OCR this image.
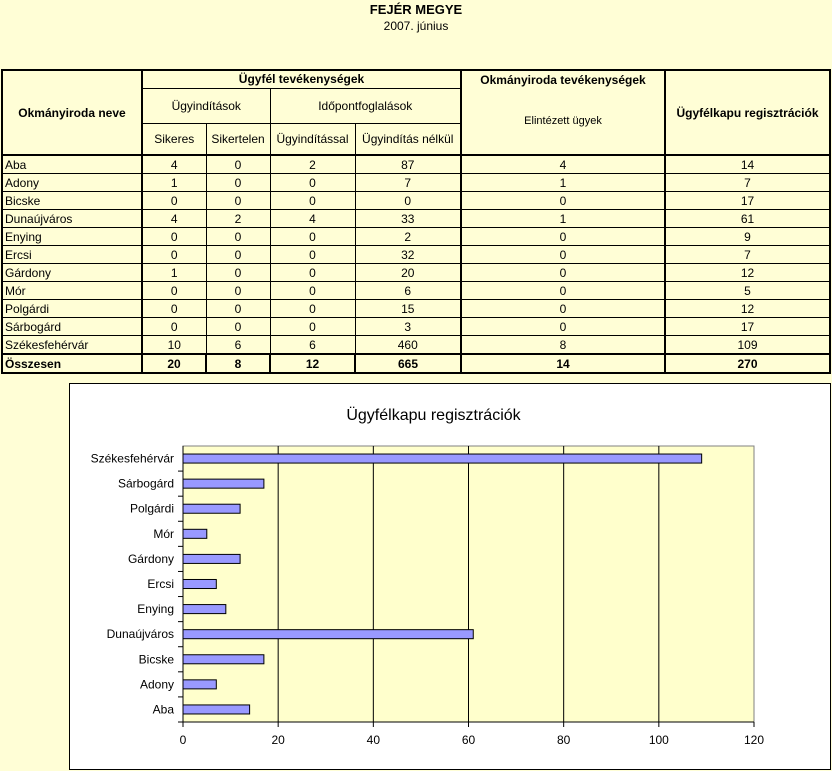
FEJÉR MEGYE
2007. június
Okmányiroda neve	Ügyfél tevékenységek				Okmányiroda tevékenységek	Ügyfélkapu regisztrációk
	Ügyindítások		Időpontfoglalások		Elintézett ügyek	
	Sikeres	Sikertelen	Ügyindítással	Ügyindítás nélkül		
Aba	4	0	2	87	4	14
Adony	1	0	0	7	1	7
Bicske	0	0	0	0	0	17
Dunaújváros	4	2	4	33	1	61
Enying	0	0	0	2	0	9
Ercsi	0	0	0	32	0	7
Gárdony	1	0	0	20	0	12
Mór	0	0	0	6	0	5
Polgárdi	0	0	0	15	0	12
Sárbogárd	0	0	0	3	0	17
Székesfehérvár	10	6	6	460	8	109
Összesen	20	8	12	665	14	270
Ügyfélkapu regisztrációk
0	20	40	60	80	100	120
Aba
Adony
Bicske
Dunaújváros
Enying
Ercsi
Gárdony
Mór
Polgárdi
Sárbogárd
Székesfehérvár
